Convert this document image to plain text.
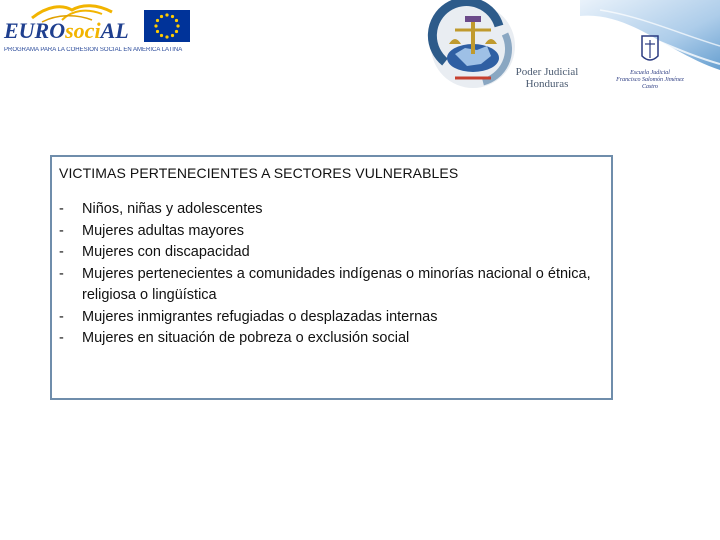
EUROsociAL
PROGRAMA PARA LA COHESIÓN SOCIAL EN AMÉRICA LATINA
Poder Judicial
Honduras
Escuela Judicial
Francisco Salomón Jiménez Castro
VICTIMAS PERTENECIENTES A SECTORES VULNERABLES
- Niños, niñas y adolescentes
- Mujeres adultas mayores
- Mujeres con discapacidad
- Mujeres pertenecientes a comunidades indígenas o minorías nacional o étnica, religiosa o lingüística
- Mujeres inmigrantes refugiadas o desplazadas internas
- Mujeres en situación de pobreza o exclusión social
